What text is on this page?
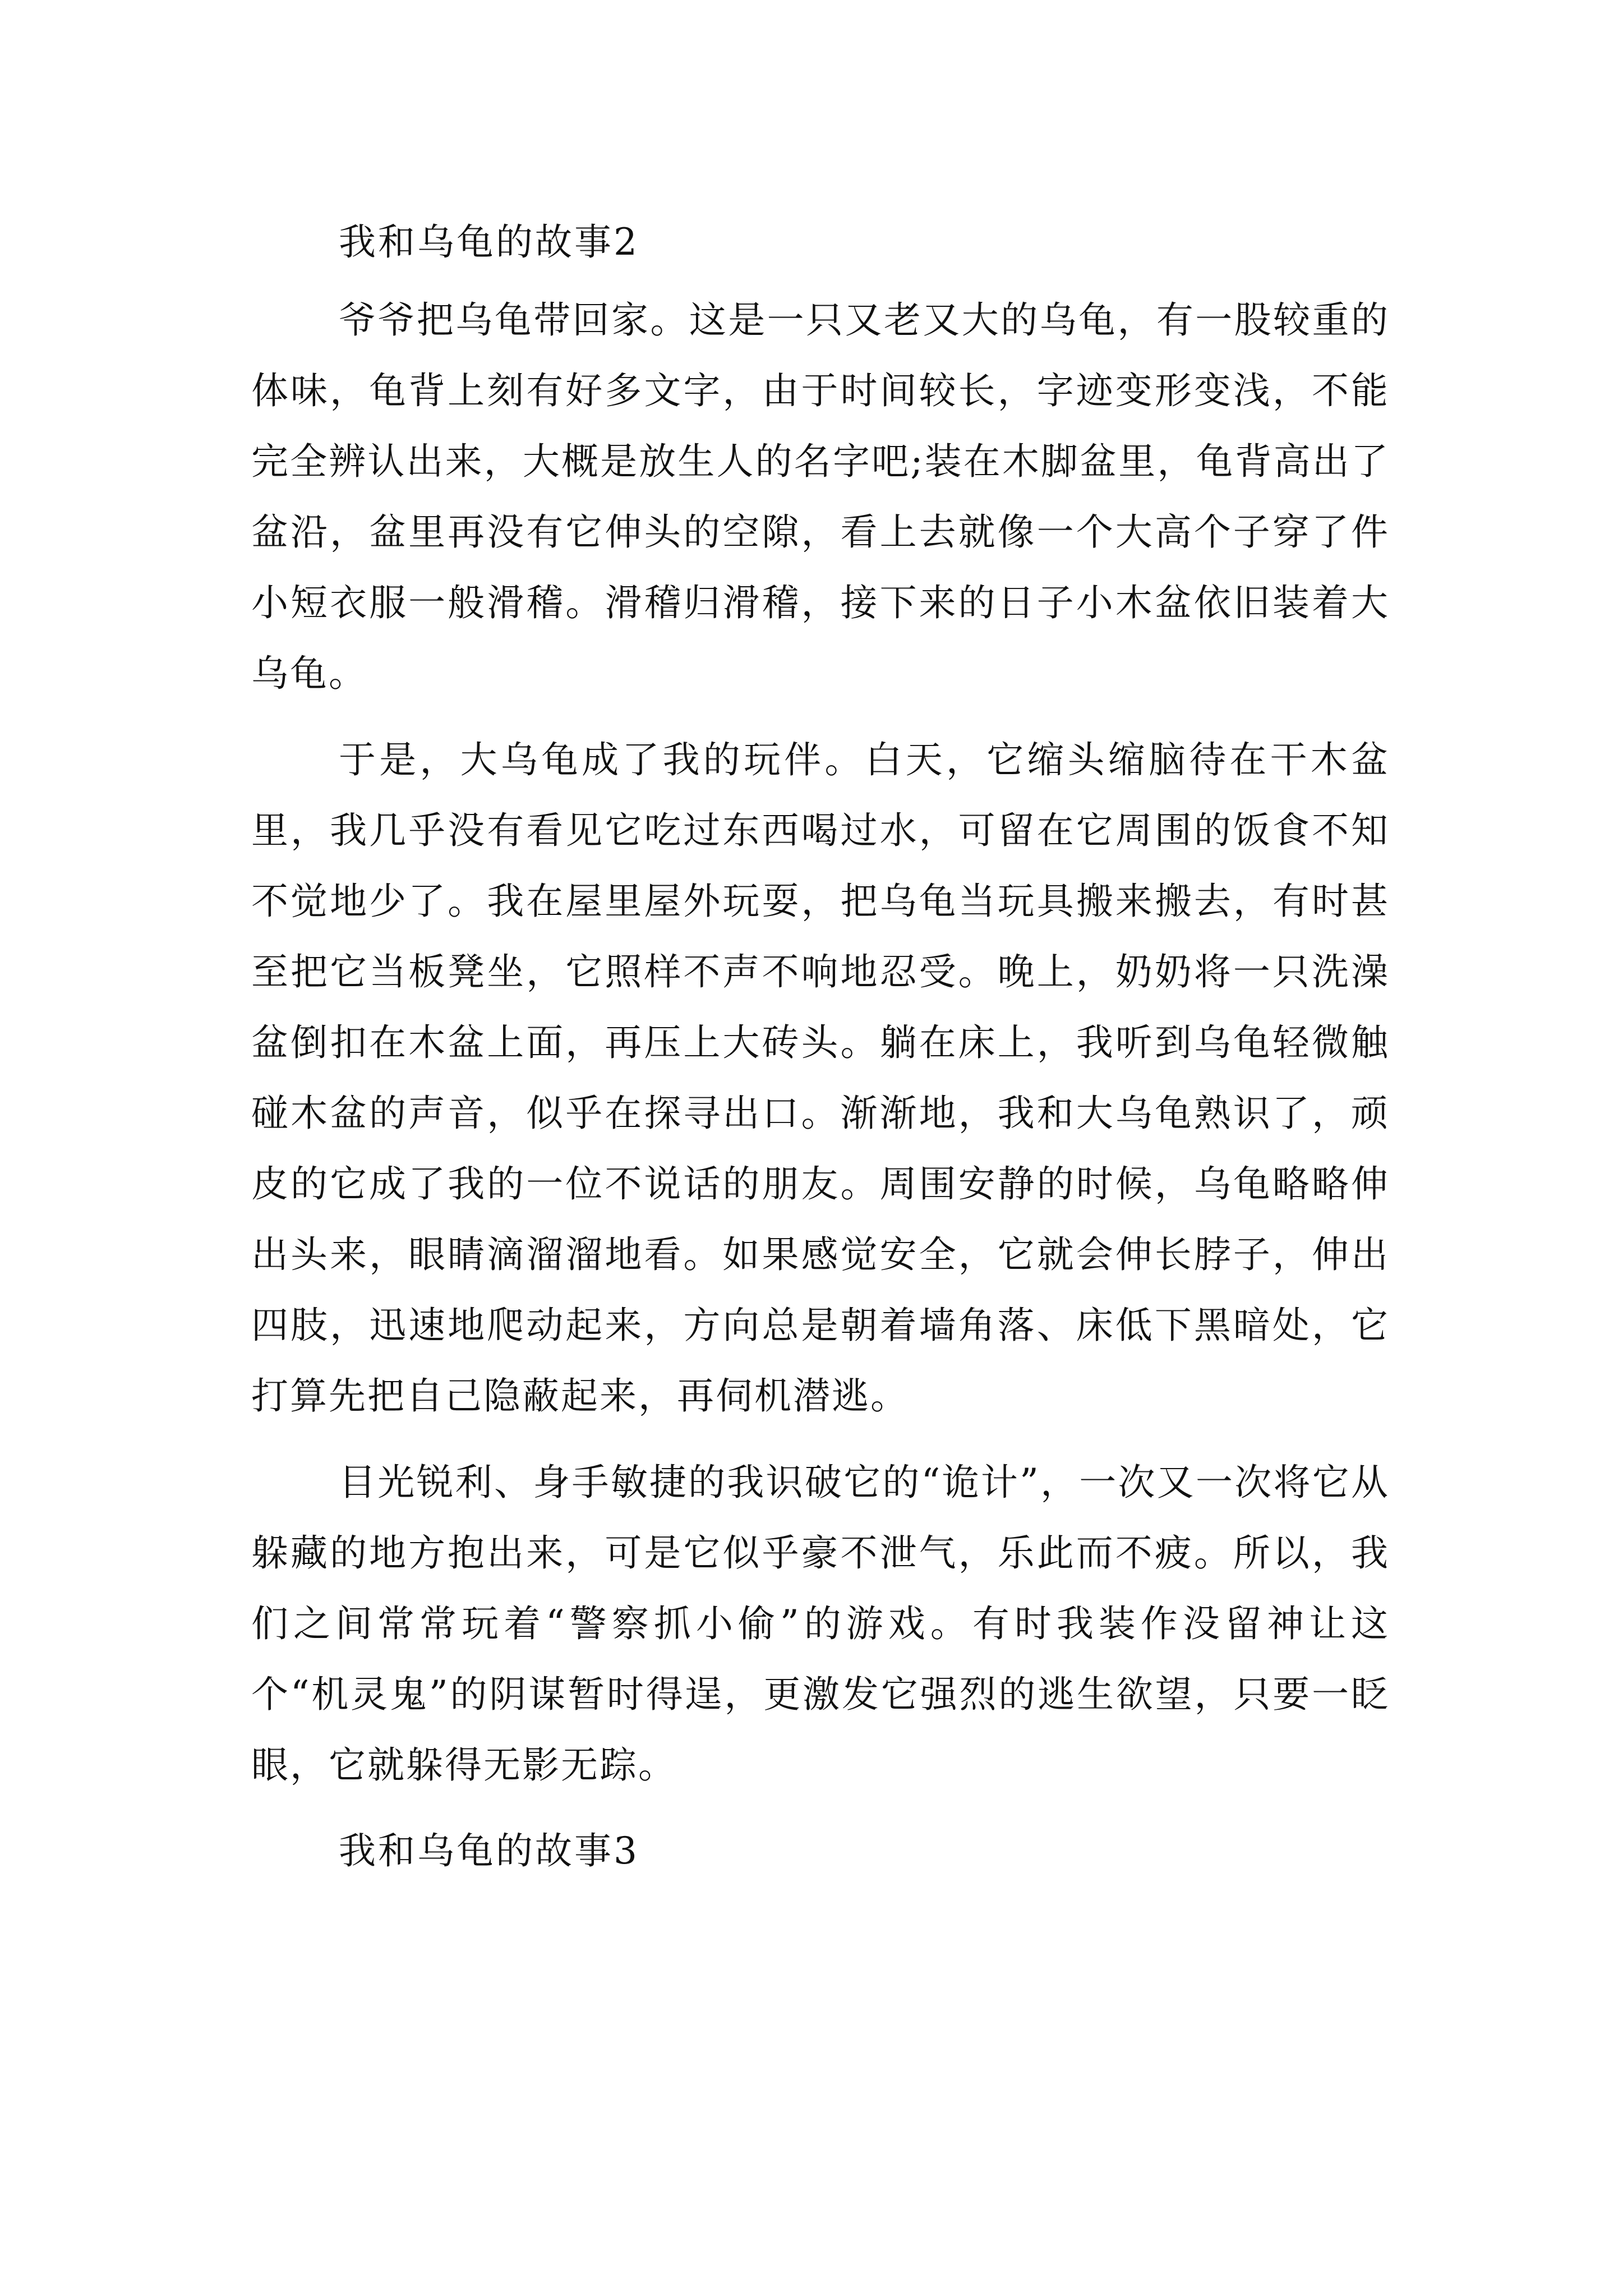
我和乌龟的故事2

爷爷把乌龟带回家。这是一只又老又大的乌龟，有一股较重的体味，龟背上刻有好多文字，由于时间较长，字迹变形变浅，不能完全辨认出来，大概是放生人的名字吧;装在木脚盆里，龟背高出了盆沿，盆里再没有它伸头的空隙，看上去就像一个大高个子穿了件小短衣服一般滑稽。滑稽归滑稽，接下来的日子小木盆依旧装着大乌龟。

于是，大乌龟成了我的玩伴。白天，它缩头缩脑待在干木盆里，我几乎没有看见它吃过东西喝过水，可留在它周围的饭食不知不觉地少了。我在屋里屋外玩耍，把乌龟当玩具搬来搬去，有时甚至把它当板凳坐，它照样不声不响地忍受。晚上，奶奶将一只洗澡盆倒扣在木盆上面，再压上大砖头。躺在床上，我听到乌龟轻微触碰木盆的声音，似乎在探寻出口。渐渐地，我和大乌龟熟识了，顽皮的它成了我的一位不说话的朋友。周围安静的时候，乌龟略略伸出头来，眼睛滴溜溜地看。如果感觉安全，它就会伸长脖子，伸出四肢，迅速地爬动起来，方向总是朝着墙角落、床低下黑暗处，它打算先把自己隐蔽起来，再伺机潜逃。

目光锐利、身手敏捷的我识破它的“诡计”，一次又一次将它从躲藏的地方抱出来，可是它似乎豪不泄气，乐此而不疲。所以，我们之间常常玩着“警察抓小偷”的游戏。有时我装作没留神让这个“机灵鬼”的阴谋暂时得逞，更激发它强烈的逃生欲望，只要一眨眼，它就躲得无影无踪。

我和乌龟的故事3
